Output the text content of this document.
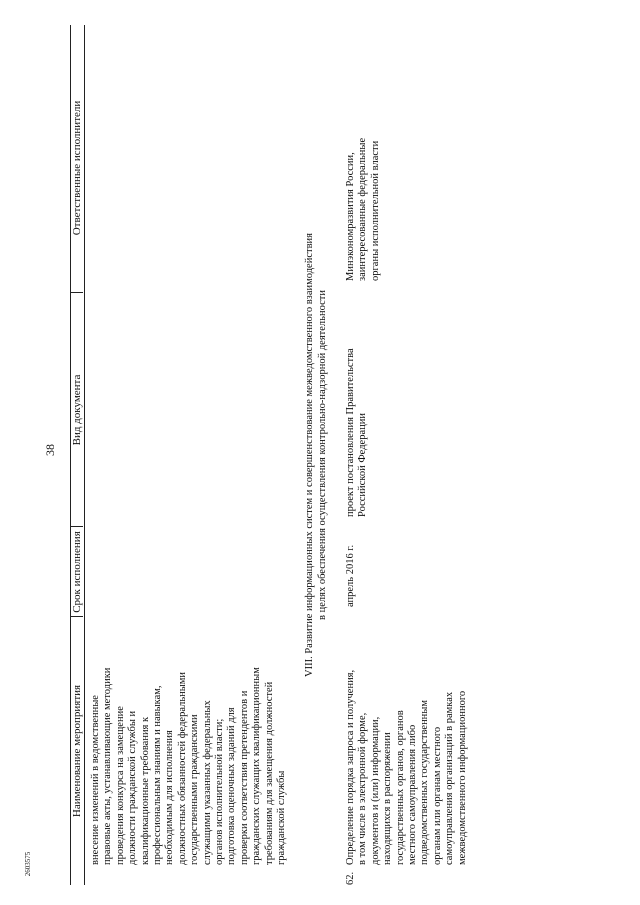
38
2603575
Наименование мероприятия
Срок исполнения
Вид документа
Ответственные исполнители
внесение изменений в ведомственные правовые акты, устанавливающие методики проведения конкурса на замещение должности гражданской службы и квалификационные требования к профессиональным знаниям и навыкам, необходимым для исполнения должностных обязанностей федеральными государственными гражданскими служащими указанных федеральных органов исполнительной власти; подготовка оценочных заданий для проверки соответствия претендентов и гражданских служащих квалификационным требованиям для замещения должностей гражданской службы
VIII. Развитие информационных систем и совершенствование межведомственного взаимодействия в целях обеспечения осуществления контрольно-надзорной деятельности
62.
Определение порядка запроса и получения, в том числе в электронной форме, документов и (или) информации, находящихся в распоряжении государственных органов, органов местного самоуправления либо подведомственных государственным органам или органам местного самоуправления организаций в рамках межведомственного информационного
апрель 2016 г.
проект постановления Правительства Российской Федерации
Минэкономразвития России, заинтересованные федеральные органы исполнительной власти
